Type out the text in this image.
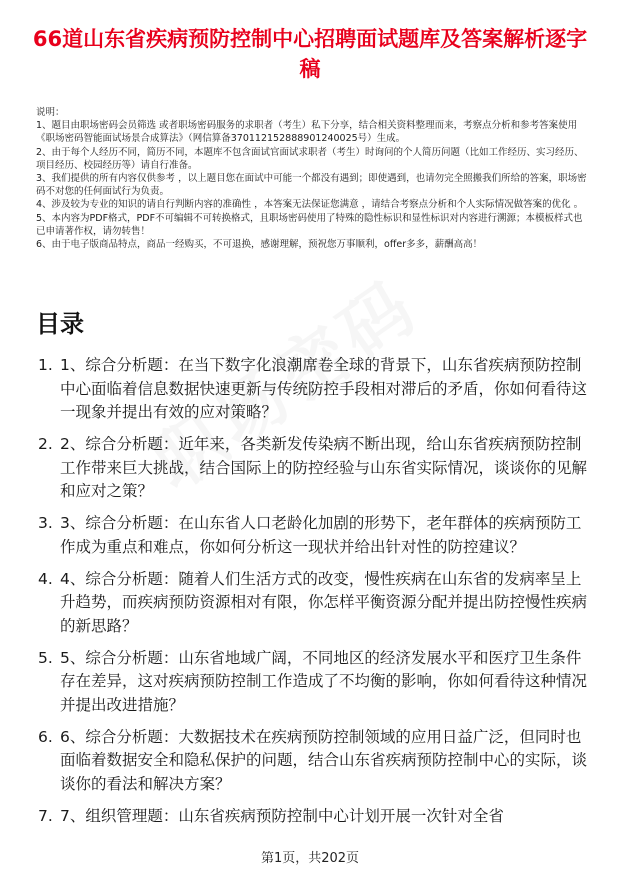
66道山东省疾病预防控制中心招聘面试题库及答案解析逐字稿
说明：
1、题目由职场密码会员筛选 或者职场密码服务的求职者（考生）私下分享，结合相关资料整理而来，考察点分析和参考答案使用《职场密码智能面试场景合成算法》（网信算备370112152888901240025号）生成。
2、由于每个人经历不同，简历不同，本题库不包含面试官面试求职者（考生）时询问的个人简历问题（比如工作经历、实习经历、项目经历、校园经历等）请自行准备。
3、我们提供的所有内容仅供参考 ，以上题目您在面试中可能一个都没有遇到；即使遇到，也请勿完全照搬我们所给的答案，职场密码不对您的任何面试行为负责。
4、涉及较为专业的知识的请自行判断内容的准确性 ，本答案无法保证您满意 ，请结合考察点分析和个人实际情况做答案的优化 。
5、本内容为PDF格式，PDF不可编辑不可转换格式，且职场密码使用了特殊的隐性标识和显性标识对内容进行溯源；本模板样式也已申请著作权，请勿转售！
6、由于电子版商品特点，商品一经购买，不可退换，感谢理解，预祝您万事顺利，offer多多，薪酬高高！
目录
1. 1、综合分析题：在当下数字化浪潮席卷全球的背景下，山东省疾病预防控制中心面临着信息数据快速更新与传统防控手段相对滞后的矛盾，你如何看待这一现象并提出有效的应对策略？
2. 2、综合分析题：近年来，各类新发传染病不断出现，给山东省疾病预防控制工作带来巨大挑战，结合国际上的防控经验与山东省实际情况，谈谈你的见解和应对之策？
3. 3、综合分析题：在山东省人口老龄化加剧的形势下，老年群体的疾病预防工作成为重点和难点，你如何分析这一现状并给出针对性的防控建议？
4. 4、综合分析题：随着人们生活方式的改变，慢性疾病在山东省的发病率呈上升趋势，而疾病预防资源相对有限，你怎样平衡资源分配并提出防控慢性疾病的新思路？
5. 5、综合分析题：山东省地域广阔，不同地区的经济发展水平和医疗卫生条件存在差异，这对疾病预防控制工作造成了不均衡的影响，你如何看待这种情况并提出改进措施？
6. 6、综合分析题：大数据技术在疾病预防控制领域的应用日益广泛，但同时也面临着数据安全和隐私保护的问题，结合山东省疾病预防控制中心的实际，谈谈你的看法和解决方案？
7. 7、组织管理题：山东省疾病预防控制中心计划开展一次针对全省
第1页，共202页
